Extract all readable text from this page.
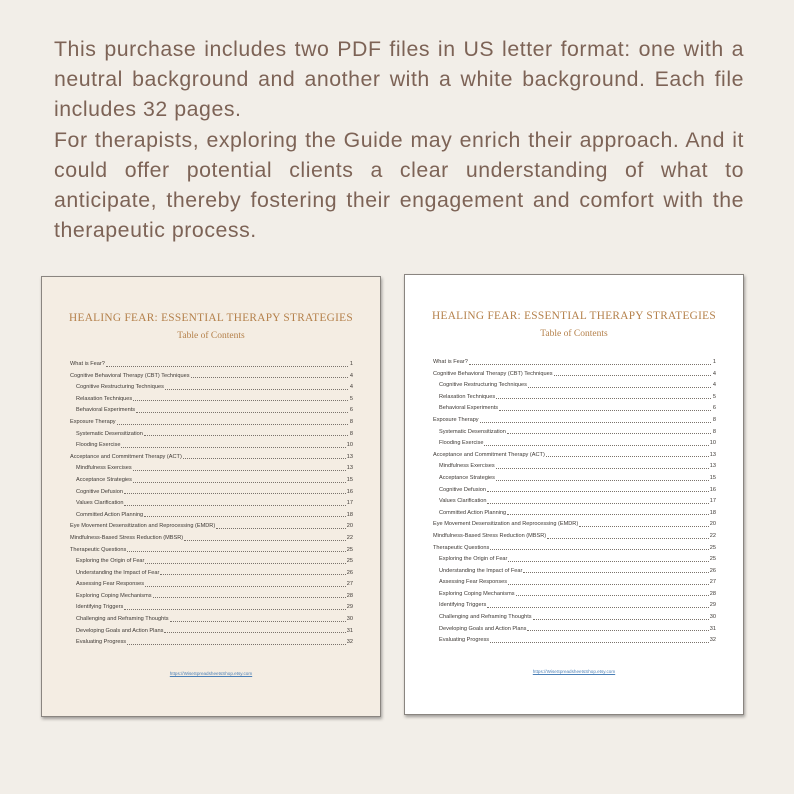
This purchase includes two PDF files in US letter format: one with a neutral background and another with a white background. Each file includes 32 pages.

For therapists, exploring the Guide may enrich their approach. And it could offer potential clients a clear understanding of what to anticipate, thereby fostering their engagement and comfort with the therapeutic process.

HEALING FEAR: ESSENTIAL THERAPY STRATEGIES
Table of Contents
What is Fear?	1
Cognitive Behavioral Therapy (CBT) Techniques	4
Cognitive Restructuring Techniques	4
Relaxation Techniques	5
Behavioral Experiments	6
Exposure Therapy	8
Systematic Desensitization	8
Flooding Exercise	10
Acceptance and Commitment Therapy (ACT)	13
Mindfulness Exercises	13
Acceptance Strategies	15
Cognitive Defusion	16
Values Clarification	17
Committed Action Planning	18
Eye Movement Desensitization and Reprocessing (EMDR)	20
Mindfulness-Based Stress Reduction (MBSR)	22
Therapeutic Questions	25
Exploring the Origin of Fear	25
Understanding the Impact of Fear	26
Assessing Fear Responses	27
Exploring Coping Mechanisms	28
Identifying Triggers	29
Challenging and Reframing Thoughts	30
Developing Goals and Action Plans	31
Evaluating Progress	32
https://WiseSpreadsheetsShop.etsy.com
HEALING FEAR: ESSENTIAL THERAPY STRATEGIES
Table of Contents
What is Fear?	1
Cognitive Behavioral Therapy (CBT) Techniques	4
Cognitive Restructuring Techniques	4
Relaxation Techniques	5
Behavioral Experiments	6
Exposure Therapy	8
Systematic Desensitization	8
Flooding Exercise	10
Acceptance and Commitment Therapy (ACT)	13
Mindfulness Exercises	13
Acceptance Strategies	15
Cognitive Defusion	16
Values Clarification	17
Committed Action Planning	18
Eye Movement Desensitization and Reprocessing (EMDR)	20
Mindfulness-Based Stress Reduction (MBSR)	22
Therapeutic Questions	25
Exploring the Origin of Fear	25
Understanding the Impact of Fear	26
Assessing Fear Responses	27
Exploring Coping Mechanisms	28
Identifying Triggers	29
Challenging and Reframing Thoughts	30
Developing Goals and Action Plans	31
Evaluating Progress	32
https://WiseSpreadsheetsShop.etsy.com
